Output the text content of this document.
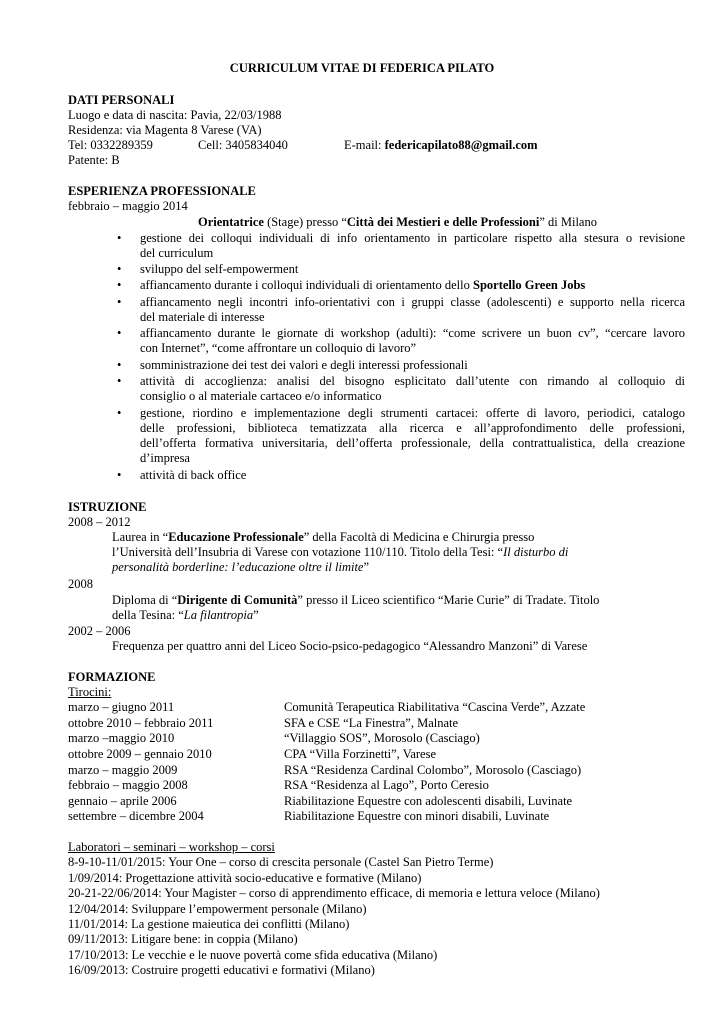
CURRICULUM VITAE DI FEDERICA PILATO
DATI PERSONALI
Luogo e data di nascita: Pavia, 22/03/1988
Residenza: via Magenta 8 Varese (VA)
Tel: 0332289359	Cell: 3405834040	E-mail: federicapilato88@gmail.com
Patente: B
ESPERIENZA PROFESSIONALE
febbraio – maggio 2014
Orientatrice (Stage) presso “Città dei Mestieri e delle Professioni” di Milano
• gestione dei colloqui individuali di info orientamento in particolare rispetto alla stesura o revisione
del curriculum
• sviluppo del self-empowerment
• affiancamento durante i colloqui individuali di orientamento dello Sportello Green Jobs
• affiancamento negli incontri info-orientativi con i gruppi classe (adolescenti) e supporto nella ricerca
del materiale di interesse
• affiancamento durante le giornate di workshop (adulti): “come scrivere un buon cv”, “cercare lavoro
con Internet”, “come affrontare un colloquio di lavoro”
• somministrazione dei test dei valori e degli interessi professionali
• attività di accoglienza: analisi del bisogno esplicitato dall’utente con rimando al colloquio di
consiglio o al materiale cartaceo e/o informatico
• gestione, riordino e implementazione degli strumenti cartacei: offerte di lavoro, periodici, catalogo
delle professioni, biblioteca tematizzata alla ricerca e all’approfondimento delle professioni,
dell’offerta formativa universitaria, dell’offerta professionale, della contrattualistica, della creazione
d’impresa
• attività di back office
ISTRUZIONE
2008 – 2012
Laurea in “Educazione Professionale” della Facoltà di Medicina e Chirurgia presso
l’Università dell’Insubria di Varese con votazione 110/110. Titolo della Tesi: “Il disturbo di
personalità borderline: l’educazione oltre il limite”
2008
Diploma di “Dirigente di Comunità” presso il Liceo scientifico “Marie Curie” di Tradate. Titolo
della Tesina: “La filantropia”
2002 – 2006
Frequenza per quattro anni del Liceo Socio-psico-pedagogico “Alessandro Manzoni” di Varese
FORMAZIONE
Tirocini:
marzo – giugno 2011	Comunità Terapeutica Riabilitativa “Cascina Verde”, Azzate
ottobre 2010 – febbraio 2011	SFA e CSE “La Finestra”, Malnate
marzo –maggio 2010	“Villaggio SOS”, Morosolo (Casciago)
ottobre 2009 – gennaio 2010	CPA “Villa Forzinetti”, Varese
marzo – maggio 2009	RSA “Residenza Cardinal Colombo”, Morosolo (Casciago)
febbraio – maggio 2008	RSA “Residenza al Lago”, Porto Ceresio
gennaio – aprile 2006	Riabilitazione Equestre con adolescenti disabili, Luvinate
settembre – dicembre 2004	Riabilitazione Equestre con minori disabili, Luvinate
Laboratori – seminari – workshop – corsi
8-9-10-11/01/2015: Your One – corso di crescita personale (Castel San Pietro Terme)
1/09/2014: Progettazione attività socio-educative e formative (Milano)
20-21-22/06/2014: Your Magister – corso di apprendimento efficace, di memoria e lettura veloce (Milano)
12/04/2014: Sviluppare l’empowerment personale (Milano)
11/01/2014: La gestione maieutica dei conflitti (Milano)
09/11/2013: Litigare bene: in coppia (Milano)
17/10/2013: Le vecchie e le nuove povertà come sfida educativa (Milano)
16/09/2013: Costruire progetti educativi e formativi (Milano)
